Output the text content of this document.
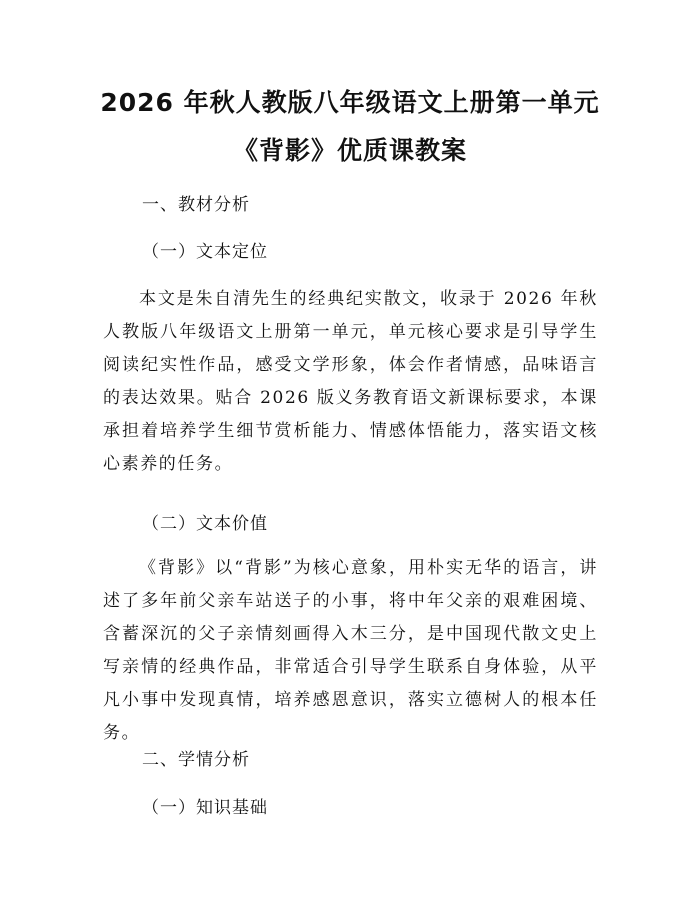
2026 年秋人教版八年级语文上册第一单元
《背影》优质课教案

一、教材分析

（一）文本定位

本文是朱自清先生的经典纪实散文，收录于 2026 年秋人教版八年级语文上册第一单元，单元核心要求是引导学生阅读纪实性作品，感受文学形象，体会作者情感，品味语言的表达效果。贴合 2026 版义务教育语文新课标要求，本课承担着培养学生细节赏析能力、情感体悟能力，落实语文核心素养的任务。

（二）文本价值

《背影》以“背影”为核心意象，用朴实无华的语言，讲述了多年前父亲车站送子的小事，将中年父亲的艰难困境、含蓄深沉的父子亲情刻画得入木三分，是中国现代散文史上写亲情的经典作品，非常适合引导学生联系自身体验，从平凡小事中发现真情，培养感恩意识，落实立德树人的根本任务。

二、学情分析

（一）知识基础
